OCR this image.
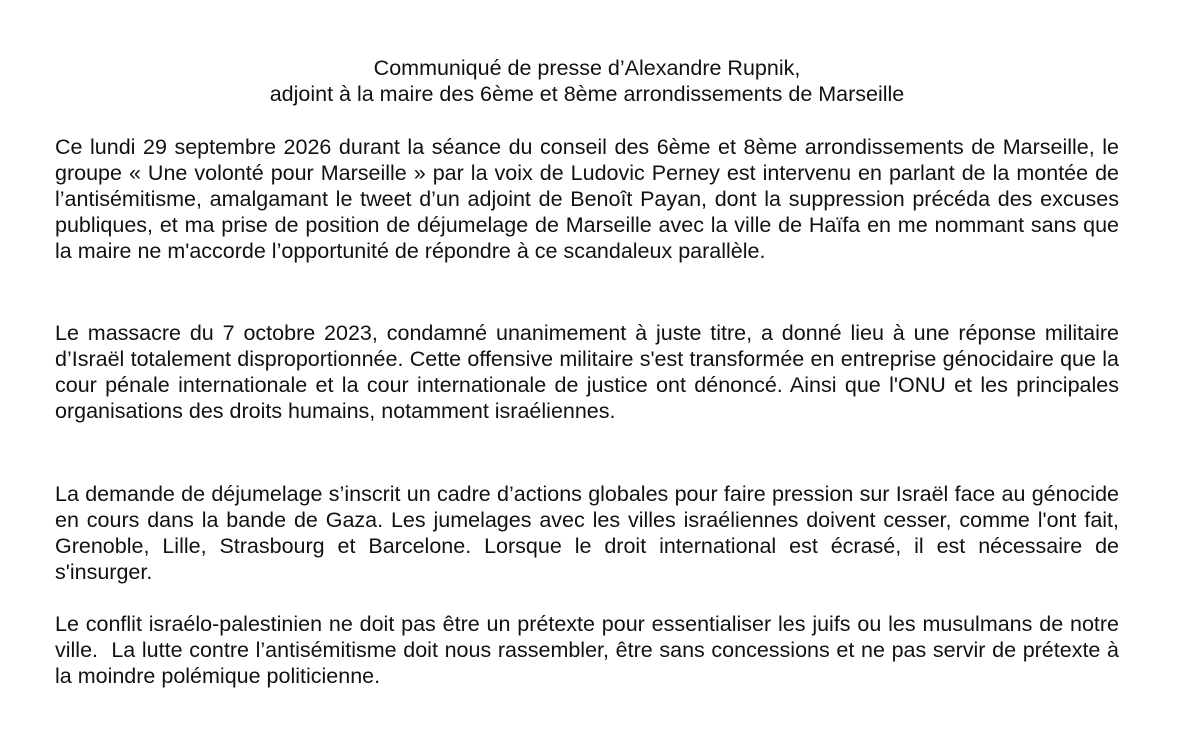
Communiqué de presse d’Alexandre Rupnik,
adjoint à la maire des 6ème et 8ème arrondissements de Marseille

Ce lundi 29 septembre 2026 durant la séance du conseil des 6ème et 8ème arrondissements de Marseille, le groupe « Une volonté pour Marseille » par la voix de Ludovic Perney est intervenu en parlant de la montée de l’antisémitisme, amalgamant le tweet d’un adjoint de Benoît Payan, dont la suppression précéda des excuses publiques, et ma prise de position de déjumelage de Marseille avec la ville de Haïfa en me nommant sans que la maire ne m'accorde l’opportunité de répondre à ce scandaleux parallèle.

Le massacre du 7 octobre 2023, condamné unanimement à juste titre, a donné lieu à une réponse militaire d’Israël totalement disproportionnée. Cette offensive militaire s'est transformée en entreprise génocidaire que la cour pénale internationale et la cour internationale de justice ont dénoncé. Ainsi que l'ONU et les principales organisations des droits humains, notamment israéliennes.

La demande de déjumelage s’inscrit un cadre d’actions globales pour faire pression sur Israël face au génocide en cours dans la bande de Gaza. Les jumelages avec les villes israéliennes doivent cesser, comme l'ont fait, Grenoble, Lille, Strasbourg et Barcelone. Lorsque le droit international est écrasé, il est nécessaire de s'insurger.

Le conflit israélo-palestinien ne doit pas être un prétexte pour essentialiser les juifs ou les musulmans de notre ville.  La lutte contre l’antisémitisme doit nous rassembler, être sans concessions et ne pas servir de prétexte à la moindre polémique politicienne.
